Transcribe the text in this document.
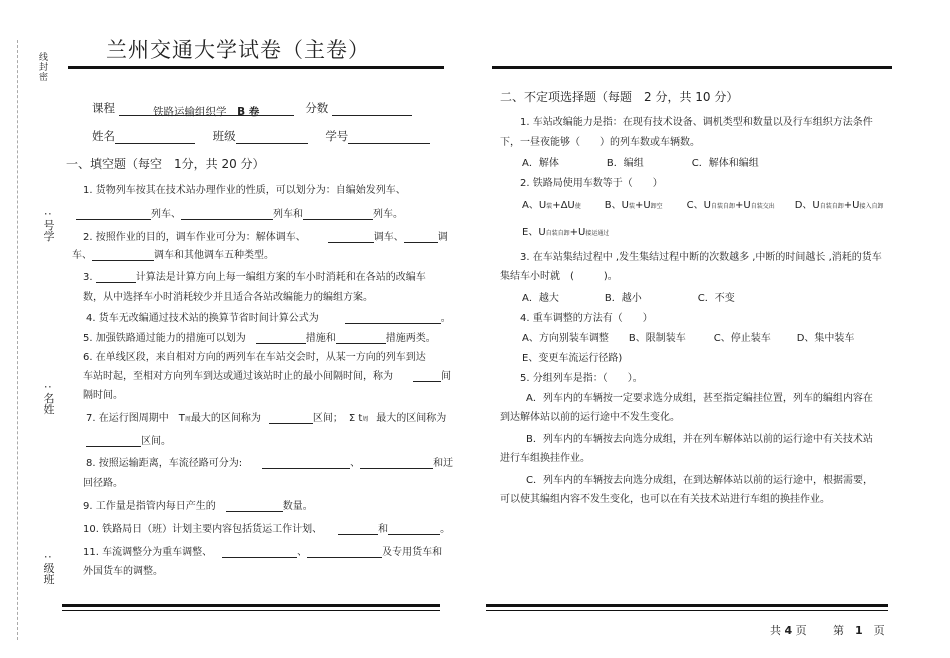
线封密
: 号学
: 名姓
: 级班
兰州交通大学试卷（主卷）
课程	铁路运输组织学　 B 卷	分数
姓名	班级	学号
一、填空题（每空　1分，共 20 分）
1. 货物列车按其在技术站办理作业的性质，可以划分为：自编始发列车、
列车、	列车和	列车。
2. 按照作业的目的，调车作业可分为：解体调车、	调车、	调
车、	调车和其他调车五种类型。
3.	计算法是计算方向上每一编组方案的车小时消耗和在各站的改编车
数，从中选择车小时消耗较少并且适合各站改编能力的编组方案。
4. 货车无改编通过技术站的换算节省时间计算公式为	。
5. 加强铁路通过能力的措施可以划为	措施和	措施两类。
6. 在单线区段，来自相对方向的两列车在车站交会时，从某一方向的列车到达
车站时起，至相对方向列车到达或通过该站时止的最小间隔时间，称为	间
隔时间。
7. 在运行图周期中　T周最大的区间称为	区间； Σ t周 最大的区间称为
区间。
8. 按照运输距离，车流径路可分为:	、	和迂
回径路。
9. 工作量是指管内每日产生的	数量。
10. 铁路局日（班）计划主要内容包括货运工作计划、	和	。
11. 车流调整分为重车调整、	、	及专用货车和
外国货车的调整。
二、不定项选择题（每题　2 分，共 10 分）
1. 车站改编能力是指：在现有技术设备、调机类型和数量以及行车组织方法条件
下，一昼夜能够（　　）的列车数或车辆数。
A．解体	B．编组	C．解体和编组
2. 铁路局使用车数等于（　　）
A、U装+ΔU使 B、U装+U卸空 C、U自装自卸+U自装交出 D、U自装自卸+U接入自卸
E、U自装自卸+U接运通过
3. 在车站集结过程中 ,发生集结过程中断的次数越多 ,中断的时间越长 ,消耗的货车
集结车小时就　(　　　)。
A．越大	B．越小	C．不变
4. 重车调整的方法有（　　）
A、方向别装车调整 B、限制装车	C、停止装车	D、集中装车
E、变更车流运行径路)
5. 分组列车是指：（　　）。
A．列车内的车辆按一定要求选分成组，甚至指定编挂位置，列车的编组内容在
到达解体站以前的运行途中不发生变化。
B．列车内的车辆按去向选分成组，并在列车解体站以前的运行途中有关技术站
进行车组换挂作业。
C．列车内的车辆按去向选分成组，在到达解体站以前的运行途中，根据需要，
可以使其编组内容不发生变化，也可以在有关技术站进行车组的换挂作业。
共 4 页 第　 1　 页
